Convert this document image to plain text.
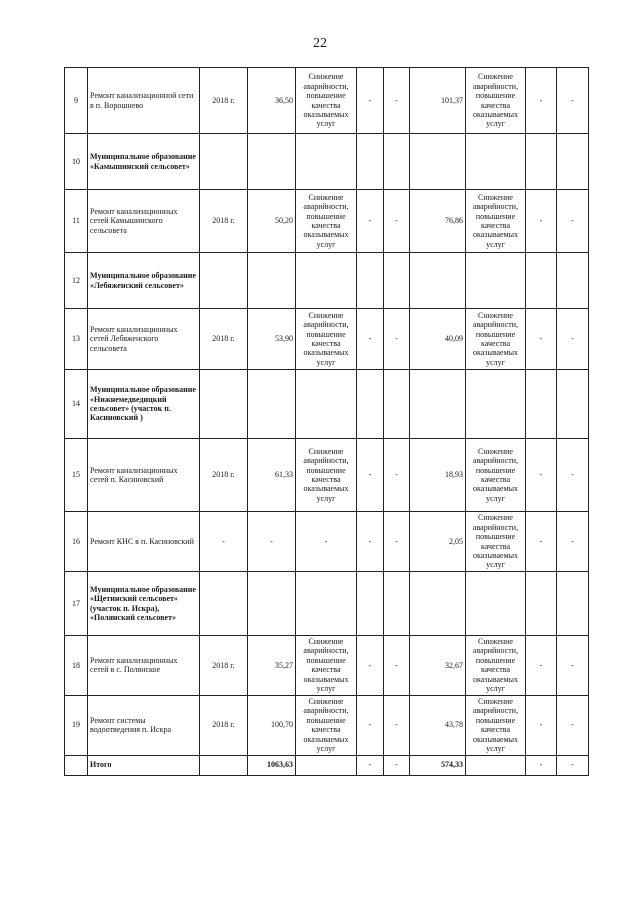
22
9	Ремонт канализационной сети в п. Ворошнево	2018 г.	36,50	Снижение аварийности, повышение качества оказываемых услуг	-	-	101,37	Снижение аварийности, повышение качества оказываемых услуг	-	-
10	Муниципальное образование «Камышинский сельсовет»									
11	Ремонт канализационных сетей Камышинского сельсовета	2018 г.	50,20	Снижение аварийности, повышение качества оказываемых услуг	-	-	76,86	Снижение аварийности, повышение качества оказываемых услуг	-	-
12	Муниципальное образование «Лебяженский сельсовет»									
13	Ремонт канализационных сетей Лебяженского сельсовета	2018 г.	53,90	Снижение аварийности, повышение качества оказываемых услуг	-	-	40,09	Снижение аварийности, повышение качества оказываемых услуг	-	-
14	Муниципальное образование «Нижнемедведицкий сельсовет» (участок п. Касиновский )									
15	Ремонт канализационных сетей п. Касиновский	2018 г.	61,33	Снижение аварийности, повышение качества оказываемых услуг	-	-	18,93	Снижение аварийности, повышение качества оказываемых услуг	-	-
16	Ремонт КНС в п. Касиновский	-	-	-	-	-	2,05	Снижение аварийности, повышение качества оказываемых услуг	-	-
17	Муниципальное образование «Щетинский сельсовет» (участок п. Искра), «Полянский сельсовет»									
18	Ремонт канализационных сетей в с. Полянское	2018 г.	35,27	Снижение аварийности, повышение качества оказываемых услуг	-	-	32,67	Снижение аварийности, повышение качества оказываемых услуг	-	-
19	Ремонт системы водоотведения п. Искра	2018 г.	100,70	Снижение аварийности, повышение качества оказываемых услуг	-	-	43,78	Снижение аварийности, повышение качества оказываемых услуг	-	-
	Итого		1063,63		-	-	574,33		-	-
